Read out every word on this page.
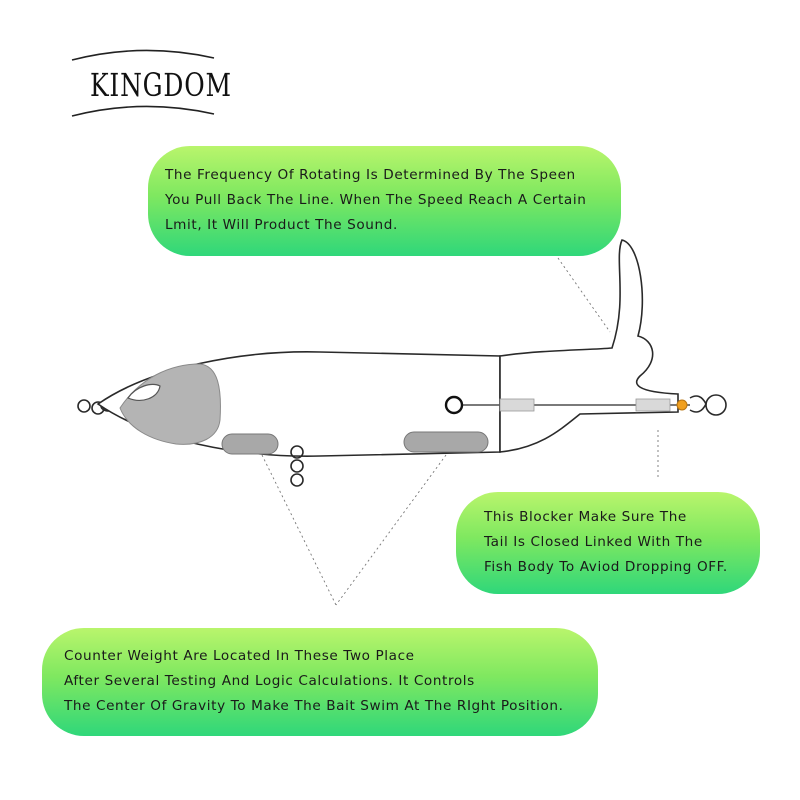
KINGDOM
The Frequency Of Rotating Is Determined By The Speen
You Pull Back The Line. When The Speed Reach A Certain
Lmit, It Will Product The Sound.
This Blocker Make Sure The
Tail Is Closed Linked With The
Fish Body To Aviod Dropping OFF.
Counter Weight Are Located In These Two Place
After Several Testing And Logic Calculations. It Controls
The Center Of Gravity To Make The Bait Swim At The RIght Position.
